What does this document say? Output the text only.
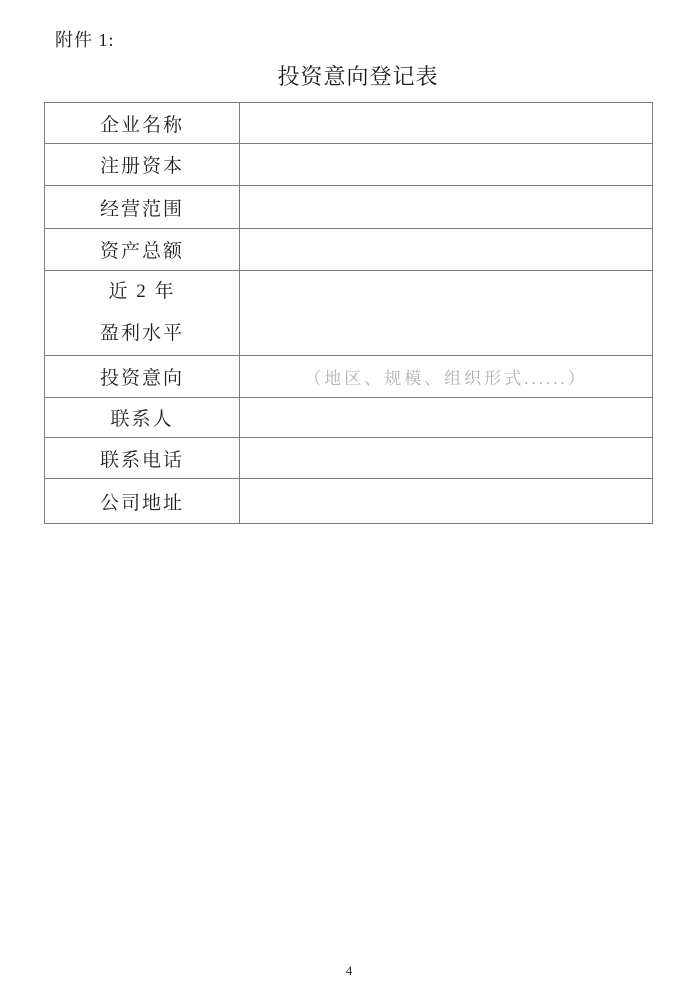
附件 1:
投资意向登记表
企业名称	
注册资本	
经营范围	
资产总额	

近 2 年
盈利水平	

投资意向	（地区、规模、组织形式......）
联系人	
联系电话	
公司地址	
4
